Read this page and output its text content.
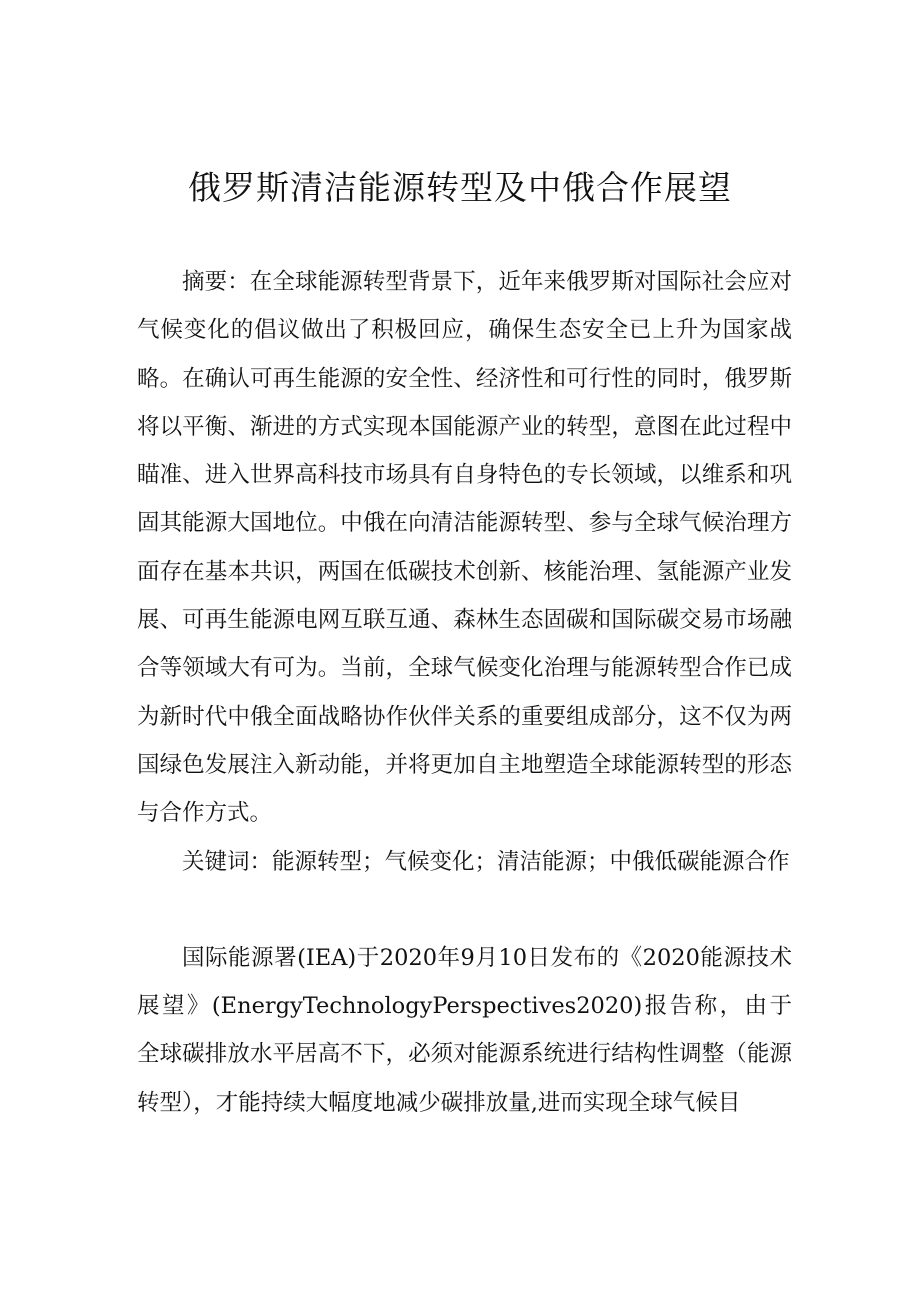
俄罗斯清洁能源转型及中俄合作展望

摘要：在全球能源转型背景下，近年来俄罗斯对国际社会应对气候变化的倡议做出了积极回应，确保生态安全已上升为国家战略。在确认可再生能源的安全性、经济性和可行性的同时，俄罗斯将以平衡、渐进的方式实现本国能源产业的转型，意图在此过程中瞄准、进入世界高科技市场具有自身特色的专长领域，以维系和巩固其能源大国地位。中俄在向清洁能源转型、参与全球气候治理方面存在基本共识，两国在低碳技术创新、核能治理、氢能源产业发展、可再生能源电网互联互通、森林生态固碳和国际碳交易市场融合等领域大有可为。当前，全球气候变化治理与能源转型合作已成为新时代中俄全面战略协作伙伴关系的重要组成部分，这不仅为两国绿色发展注入新动能，并将更加自主地塑造全球能源转型的形态与合作方式。

关键词：能源转型；气候变化；清洁能源；中俄低碳能源合作

国际能源署(IEA)于2020年9月10日发布的《2020能源技术展望》(EnergyTechnologyPerspectives2020)报告称，由于全球碳排放水平居高不下，必须对能源系统进行结构性调整（能源转型），才能持续大幅度地减少碳排放量,进而实现全球气候目
